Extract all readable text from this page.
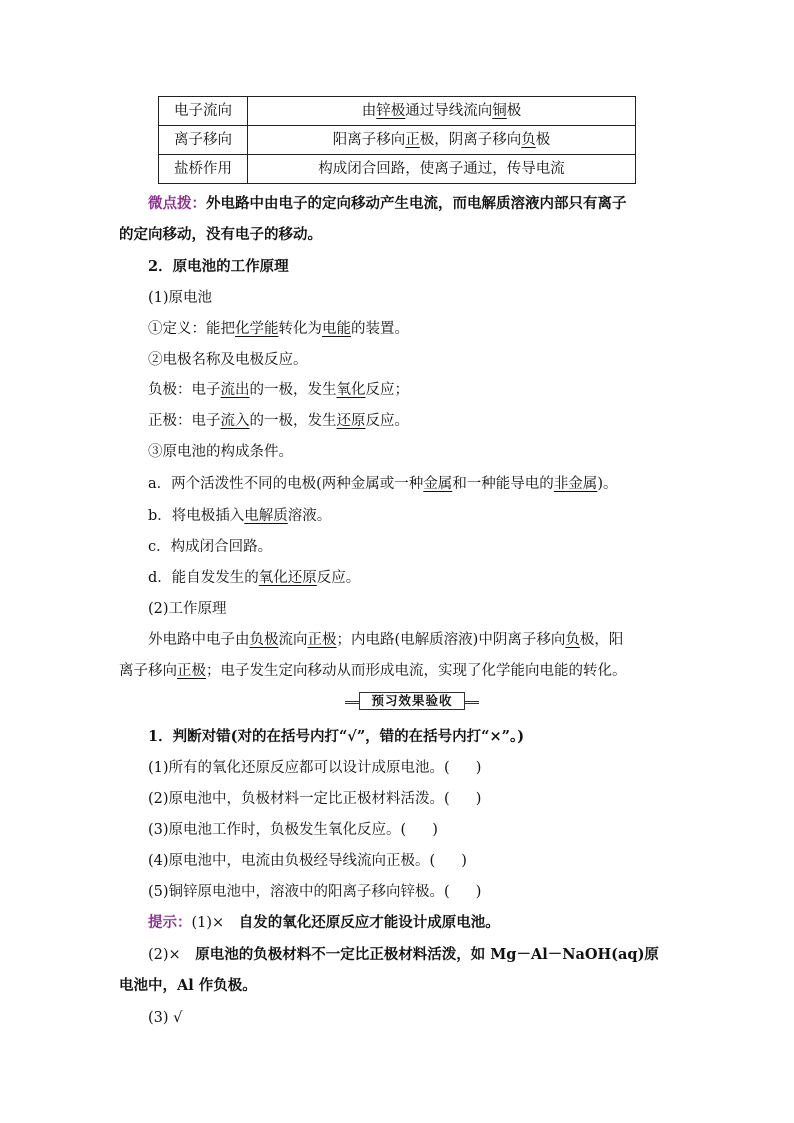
电子流向	由锌极通过导线流向铜极
离子移向	阳离子移向正极，阴离子移向负极
盐桥作用	构成闭合回路，使离子通过，传导电流
微点拨：外电路中由电子的定向移动产生电流，而电解质溶液内部只有离子
的定向移动，没有电子的移动。
2．原电池的工作原理
(1)原电池
①定义：能把化学能转化为电能的装置。
②电极名称及电极反应。
负极：电子流出的一极，发生氧化反应；
正极：电子流入的一极，发生还原反应。
③原电池的构成条件。
a．两个活泼性不同的电极(两种金属或一种金属和一种能导电的非金属)。
b．将电极插入电解质溶液。
c．构成闭合回路。
d．能自发发生的氧化还原反应。
(2)工作原理
外电路中电子由负极流向正极；内电路(电解质溶液)中阴离子移向负极，阳
离子移向正极；电子发生定向移动从而形成电流，实现了化学能向电能的转化。
预习效果验收
1．判断对错(对的在括号内打“√”，错的在括号内打“×”。)
(1)所有的氧化还原反应都可以设计成原电池。( )
(2)原电池中，负极材料一定比正极材料活泼。( )
(3)原电池工作时，负极发生氧化反应。( )
(4)原电池中，电流由负极经导线流向正极。( )
(5)铜锌原电池中，溶液中的阳离子移向锌极。( )
提示：(1)×　 自发的氧化还原反应才能设计成原电池。
(2)×　 原电池的负极材料不一定比正极材料活泼，如 Mg－Al－NaOH(aq)原
电池中，Al 作负极。
(3) √
